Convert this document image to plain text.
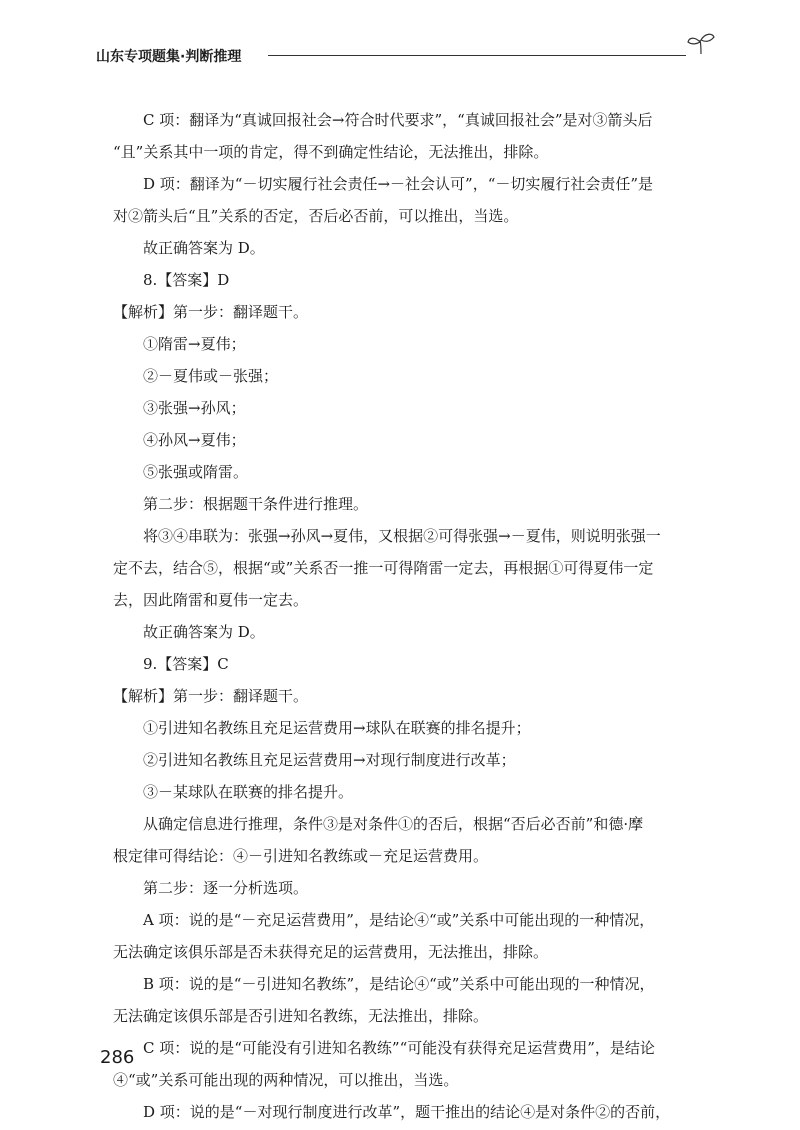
山东专项题集·判断推理
C 项：翻译为“真诚回报社会→符合时代要求”，“真诚回报社会”是对③箭头后
“且”关系其中一项的肯定，得不到确定性结论，无法推出，排除。
D 项：翻译为“－切实履行社会责任→－社会认可”，“－切实履行社会责任”是
对②箭头后“且”关系的否定，否后必否前，可以推出，当选。
故正确答案为 D。
8.【答案】D
【解析】第一步：翻译题干。
①隋雷→夏伟；
②－夏伟或－张强；
③张强→孙风；
④孙风→夏伟；
⑤张强或隋雷。
第二步：根据题干条件进行推理。
将③④串联为：张强→孙风→夏伟，又根据②可得张强→－夏伟，则说明张强一
定不去，结合⑤，根据“或”关系否一推一可得隋雷一定去，再根据①可得夏伟一定
去，因此隋雷和夏伟一定去。
故正确答案为 D。
9.【答案】C
【解析】第一步：翻译题干。
①引进知名教练且充足运营费用→球队在联赛的排名提升；
②引进知名教练且充足运营费用→对现行制度进行改革；
③－某球队在联赛的排名提升。
从确定信息进行推理，条件③是对条件①的否后，根据“否后必否前”和德·摩
根定律可得结论：④－引进知名教练或－充足运营费用。
第二步：逐一分析选项。
A 项：说的是“－充足运营费用”，是结论④“或”关系中可能出现的一种情况，
无法确定该俱乐部是否未获得充足的运营费用，无法推出，排除。
B 项：说的是“－引进知名教练”，是结论④“或”关系中可能出现的一种情况，
无法确定该俱乐部是否引进知名教练，无法推出，排除。
C 项：说的是“可能没有引进知名教练”“可能没有获得充足运营费用”，是结论
④“或”关系可能出现的两种情况，可以推出，当选。
D 项：说的是“－对现行制度进行改革”，题干推出的结论④是对条件②的否前，
286
